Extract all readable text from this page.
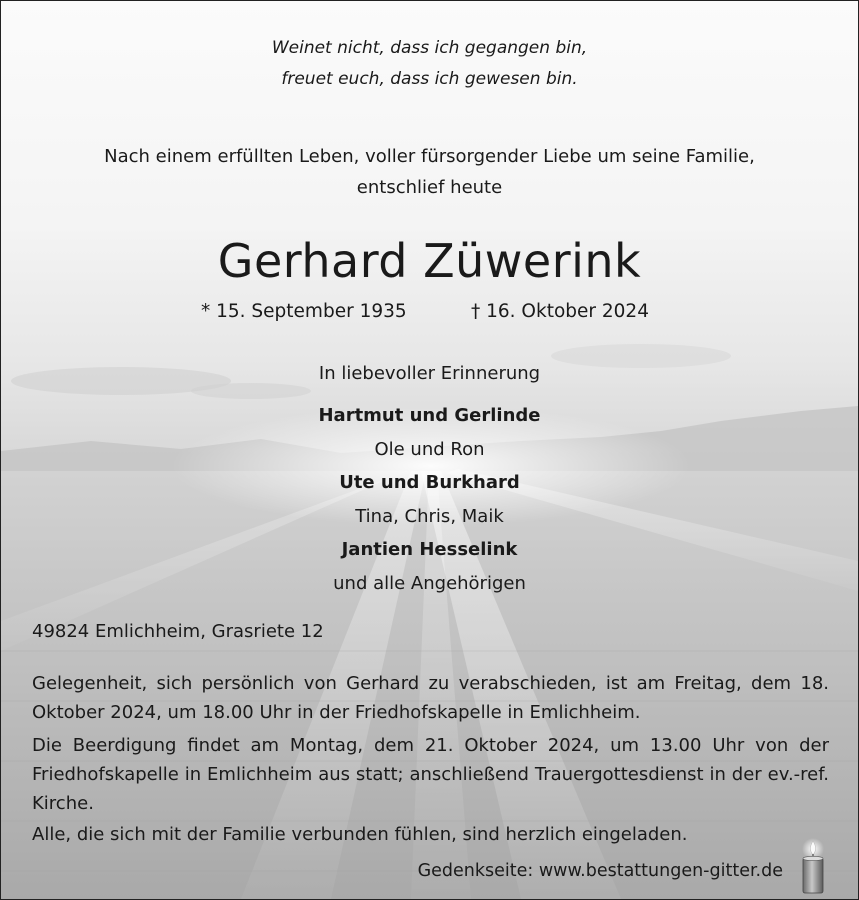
Weinet nicht, dass ich gegangen bin,
freuet euch, dass ich gewesen bin.
Nach einem erfüllten Leben, voller fürsorgender Liebe um seine Familie,
entschlief heute
Gerhard Züwerink
* 15. September 1935	† 16. Oktober 2024
In liebevoller Erinnerung
Hartmut und Gerlinde
Ole und Ron
Ute und Burkhard
Tina, Chris, Maik
Jantien Hesselink
und alle Angehörigen
49824 Emlichheim, Grasriete 12
Gelegenheit, sich persönlich von Gerhard zu verabschieden, ist am Freitag, dem 18. Oktober 2024, um 18.00 Uhr in der Friedhofskapelle in Emlichheim.
Die Beerdigung findet am Montag, dem 21. Oktober 2024, um 13.00 Uhr von der Friedhofskapelle in Emlichheim aus statt; anschließend Trauergottesdienst in der ev.-ref. Kirche.
Alle, die sich mit der Familie verbunden fühlen, sind herzlich eingeladen.
Gedenkseite: www.bestattungen-gitter.de
